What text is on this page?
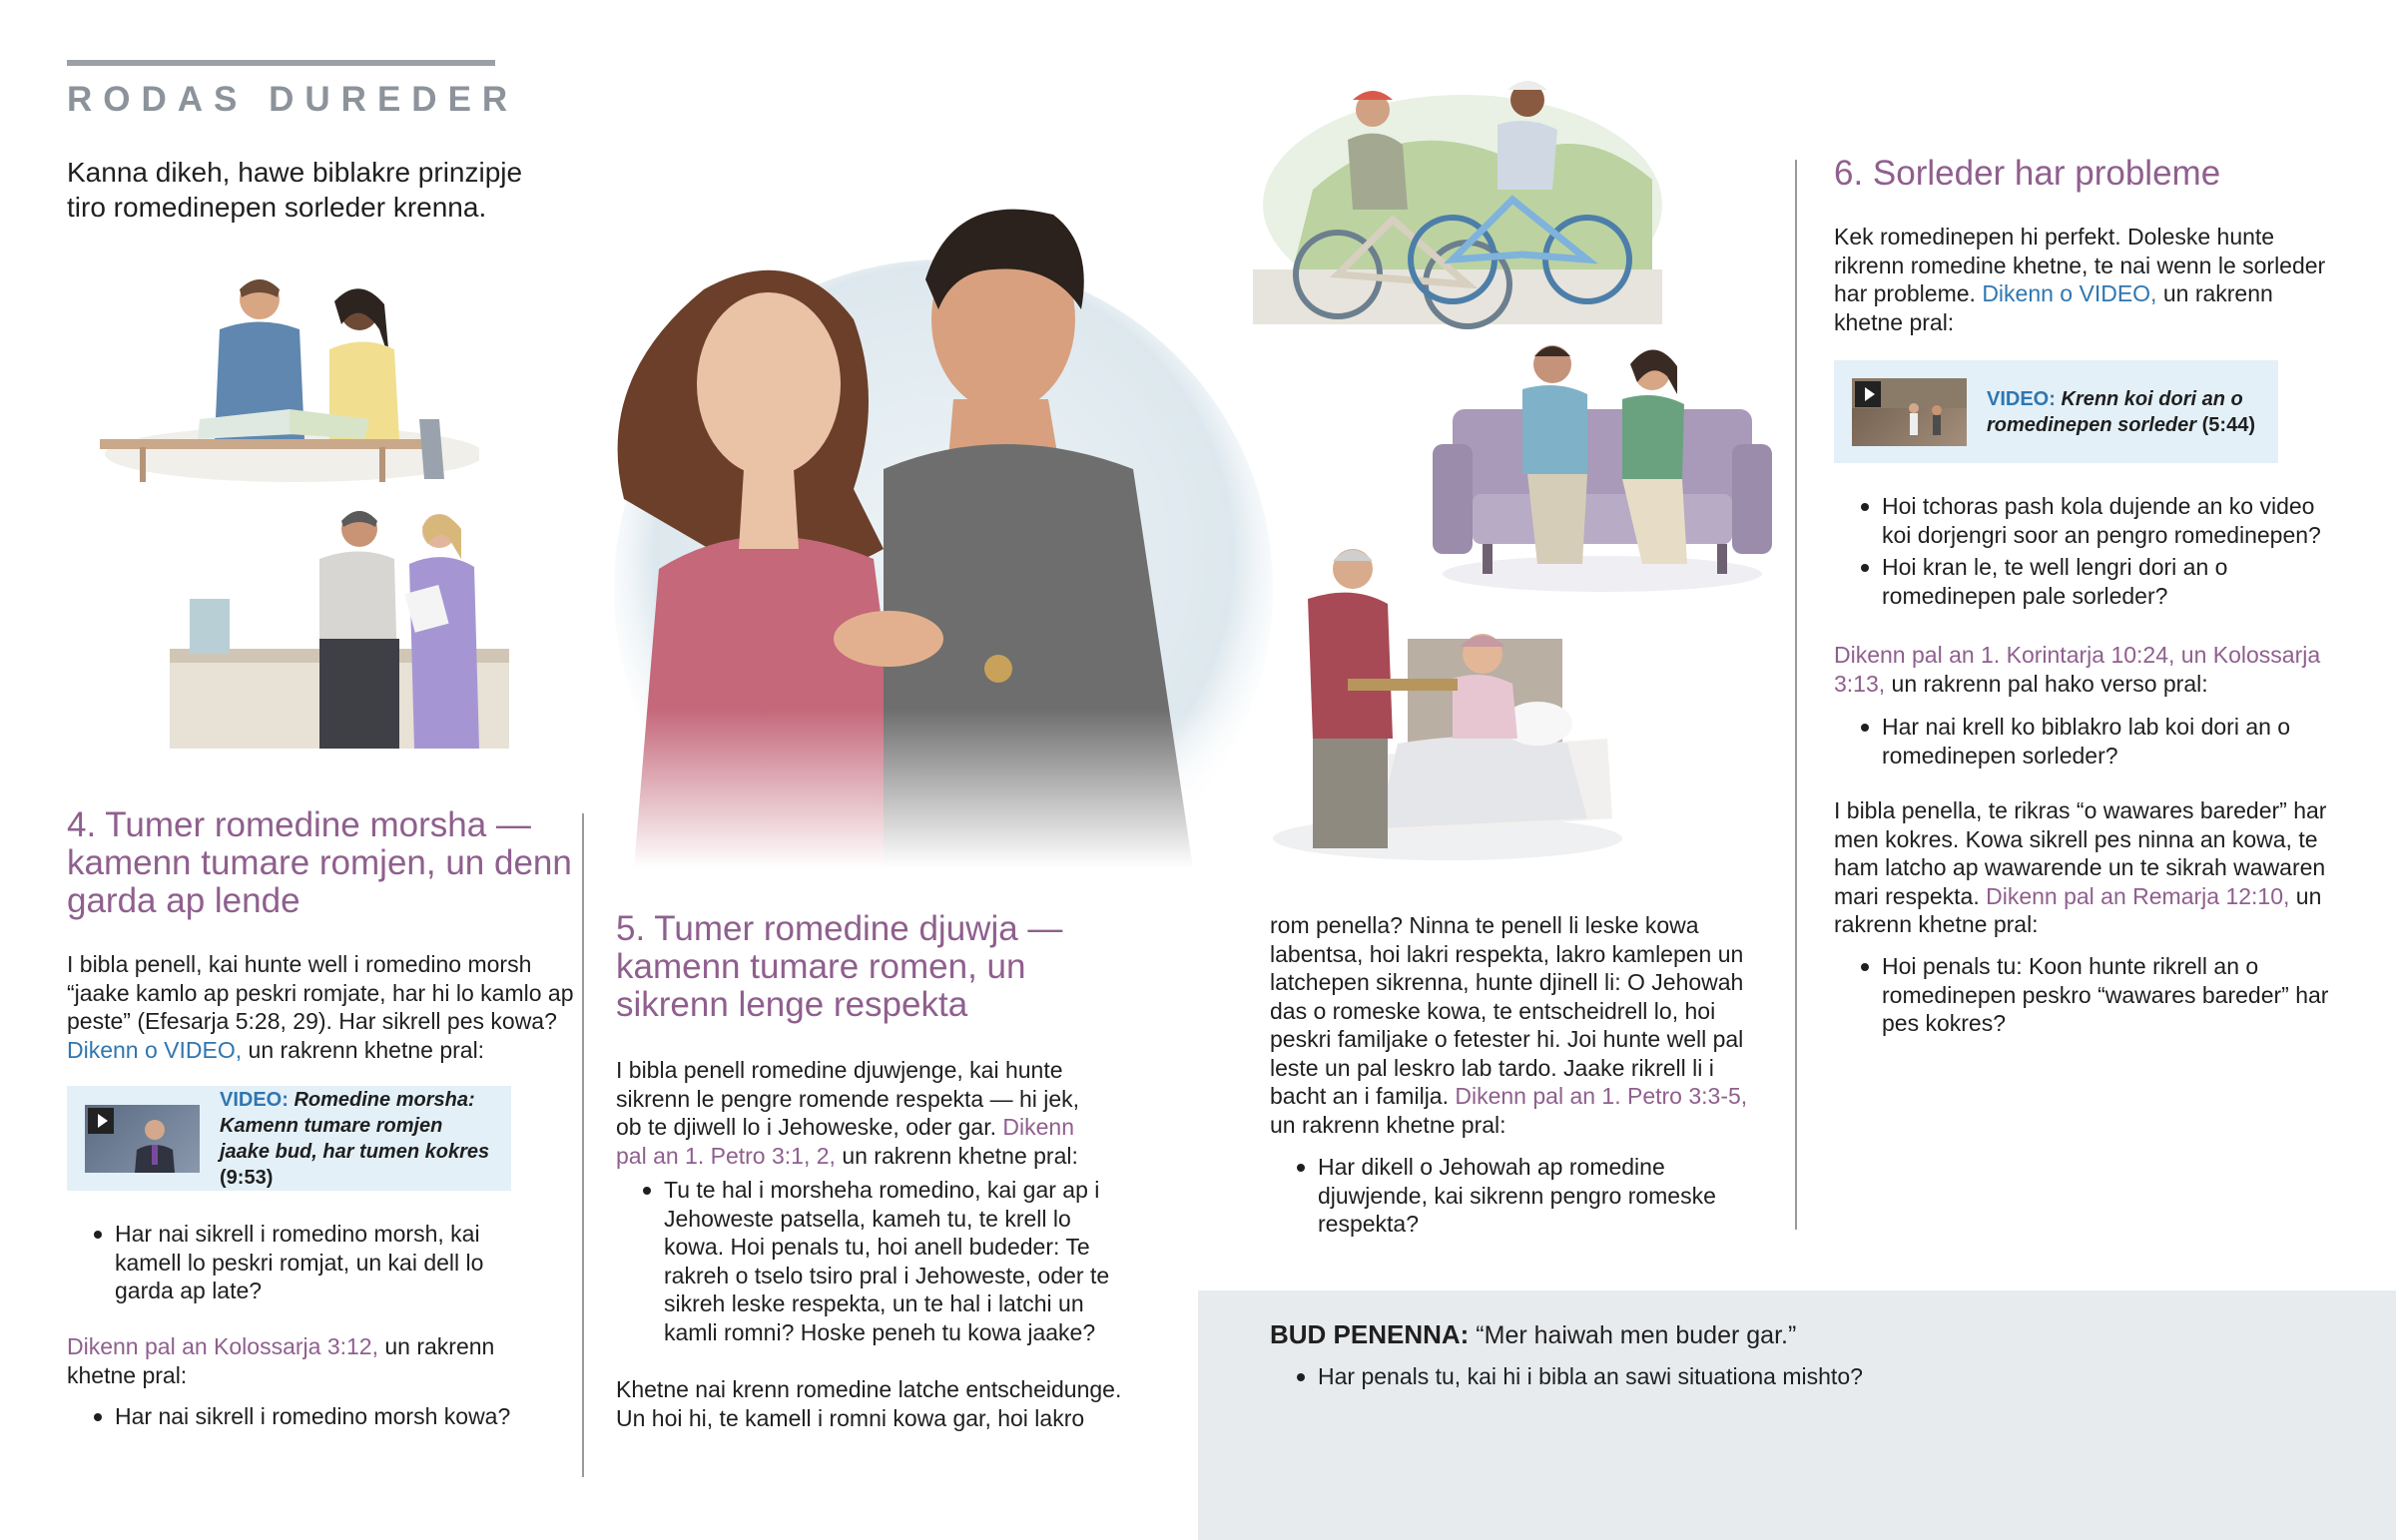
RODAS DUREDER
Kanna dikeh, hawe biblakre prinzipje tiro romedinepen sorleder krenna.
4. Tumer romedine morsha — kamenn tumare romjen, un denn garda ap lende

I bibla penell, kai hunte well i romedino morsh “jaake kamlo ap peskri romjate, har hi lo kamlo ap peste” (Efesarja 5:28, 29). Har sikrell pes kowa? Dikenn o VIDEO, un rakrenn khetne pral:

VIDEO: Romedine morsha: Kamenn tumare romjen jaake bud, har tumen kokres (9:53)
Har nai sikrell i romedino morsh, kai kamell lo peskri romjat, un kai dell lo garda ap late?

Dikenn pal an Kolossarja 3:12, un rakrenn khetne pral:

Har nai sikrell i romedino morsh kowa?
5. Tumer romedine djuwja — kamenn tumare romen, un sikrenn lenge respekta

I bibla penell romedine djuwjenge, kai hunte sikrenn le pengre romende respekta — hi jek, ob te djiwell lo i Jehoweske, oder gar. Dikenn pal an 1. Petro 3:1, 2, un rakrenn khetne pral:

Tu te hal i morsheha romedino, kai gar ap i Jehoweste patsella, kameh tu, te krell lo kowa. Hoi penals tu, hoi anell budeder: Te rakreh o tselo tsiro pral i Jehoweste, oder te sikreh leske respekta, un te hal i latchi un kamli romni? Hoske peneh tu kowa jaake?

Khetne nai krenn romedine latche entscheidunge. Un hoi hi, te kamell i romni kowa gar, hoi lakro

rom penella? Ninna te penell li leske kowa labentsa, hoi lakri respekta, lakro kamlepen un latchepen sikrenna, hunte djinell li: O Jehowah das o romeske kowa, te entscheidrell lo, hoi peskri familjake o fetester hi. Joi hunte well pal leste un pal leskro lab tardo. Jaake rikrell li i bacht an i familja. Dikenn pal an 1. Petro 3:3-5, un rakrenn khetne pral:

Har dikell o Jehowah ap romedine djuwjende, kai sikrenn pengro romeske respekta?
6. Sorleder har probleme

Kek romedinepen hi perfekt. Doleske hunte rikrenn romedine khetne, te nai wenn le sorleder har probleme. Dikenn o VIDEO, un rakrenn khetne pral:

VIDEO: Krenn koi dori an o romedinepen sorleder (5:44)
Hoi tchoras pash kola dujende an ko video koi dorjengri soor an pengro romedinepen?
Hoi kran le, te well lengri dori an o romedinepen pale sorleder?

Dikenn pal an 1. Korintarja 10:24, un Kolossarja 3:13, un rakrenn pal hako verso pral:

Har nai krell ko biblakro lab koi dori an o romedinepen sorleder?

I bibla penella, te rikras “o wawares bareder” har men kokres. Kowa sikrell pes ninna an kowa, te ham latcho ap wawarende un te sikrah wawaren mari respekta. Dikenn pal an Remarja 12:10, un rakrenn khetne pral:

Hoi penals tu: Koon hunte rikrell an o romedinepen peskro “wawares bareder” har pes kokres?
BUD PENENNA: “Mer haiwah men buder gar.”
Har penals tu, kai hi i bibla an sawi situationa mishto?
